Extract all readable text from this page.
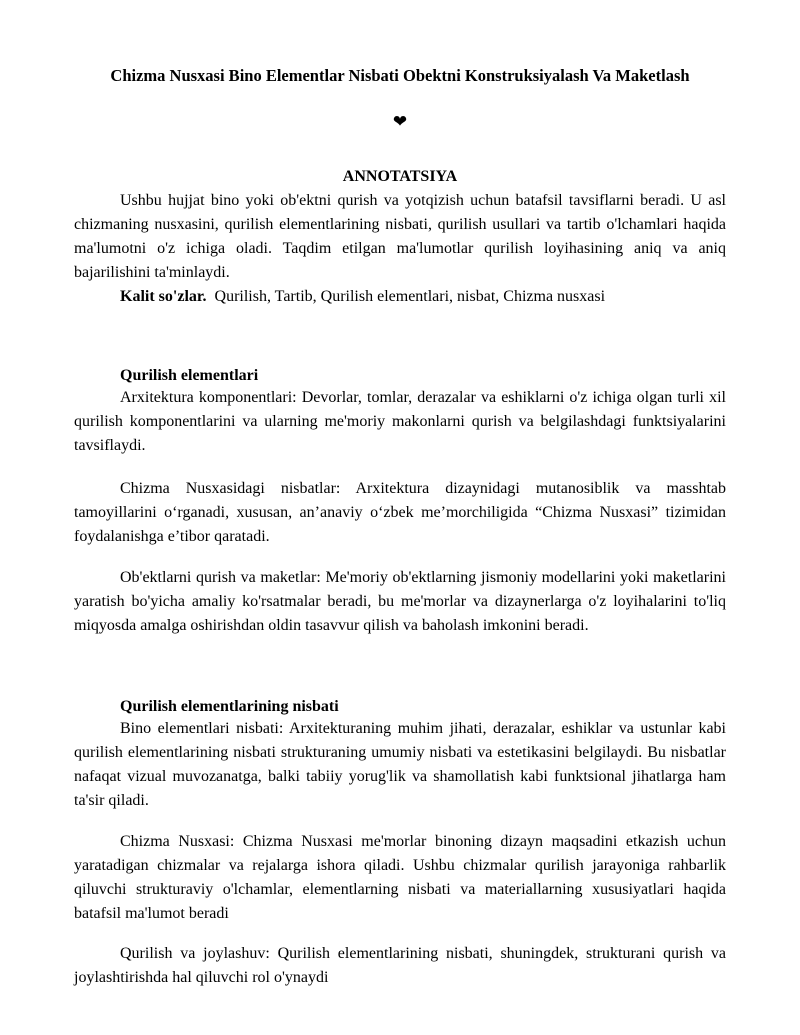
Chizma Nusxasi Bino Elementlar Nisbati Obektni Konstruksiyalash Va Maketlash
❤
ANNOTATSIYA

Ushbu hujjat bino yoki ob'ektni qurish va yotqizish uchun batafsil tavsiflarni beradi. U asl chizmaning nusxasini, qurilish elementlarining nisbati, qurilish usullari va tartib o'lchamlari haqida ma'lumotni o'z ichiga oladi. Taqdim etilgan ma'lumotlar qurilish loyihasining aniq va aniq bajarilishini ta'minlaydi.

Kalit so'zlar. Qurilish, Tartib, Qurilish elementlari, nisbat, Chizma nusxasi

Qurilish elementlari

Arxitektura komponentlari: Devorlar, tomlar, derazalar va eshiklarni o'z ichiga olgan turli xil qurilish komponentlarini va ularning me'moriy makonlarni qurish va belgilashdagi funktsiyalarini tavsiflaydi.

Chizma Nusxasidagi nisbatlar: Arxitektura dizaynidagi mutanosiblik va masshtab tamoyillarini o‘rganadi, xususan, an’anaviy o‘zbek me’morchiligida “Chizma Nusxasi” tizimidan foydalanishga e’tibor qaratadi.

Ob'ektlarni qurish va maketlar: Me'moriy ob'ektlarning jismoniy modellarini yoki maketlarini yaratish bo'yicha amaliy ko'rsatmalar beradi, bu me'morlar va dizaynerlarga o'z loyihalarini to'liq miqyosda amalga oshirishdan oldin tasavvur qilish va baholash imkonini beradi.

Qurilish elementlarining nisbati

Bino elementlari nisbati: Arxitekturaning muhim jihati, derazalar, eshiklar va ustunlar kabi qurilish elementlarining nisbati strukturaning umumiy nisbati va estetikasini belgilaydi. Bu nisbatlar nafaqat vizual muvozanatga, balki tabiiy yorug'lik va shamollatish kabi funktsional jihatlarga ham ta'sir qiladi.

Chizma Nusxasi: Chizma Nusxasi me'morlar binoning dizayn maqsadini etkazish uchun yaratadigan chizmalar va rejalarga ishora qiladi. Ushbu chizmalar qurilish jarayoniga rahbarlik qiluvchi strukturaviy o'lchamlar, elementlarning nisbati va materiallarning xususiyatlari haqida batafsil ma'lumot beradi

Qurilish va joylashuv: Qurilish elementlarining nisbati, shuningdek, strukturani qurish va joylashtirishda hal qiluvchi rol o'ynaydi
